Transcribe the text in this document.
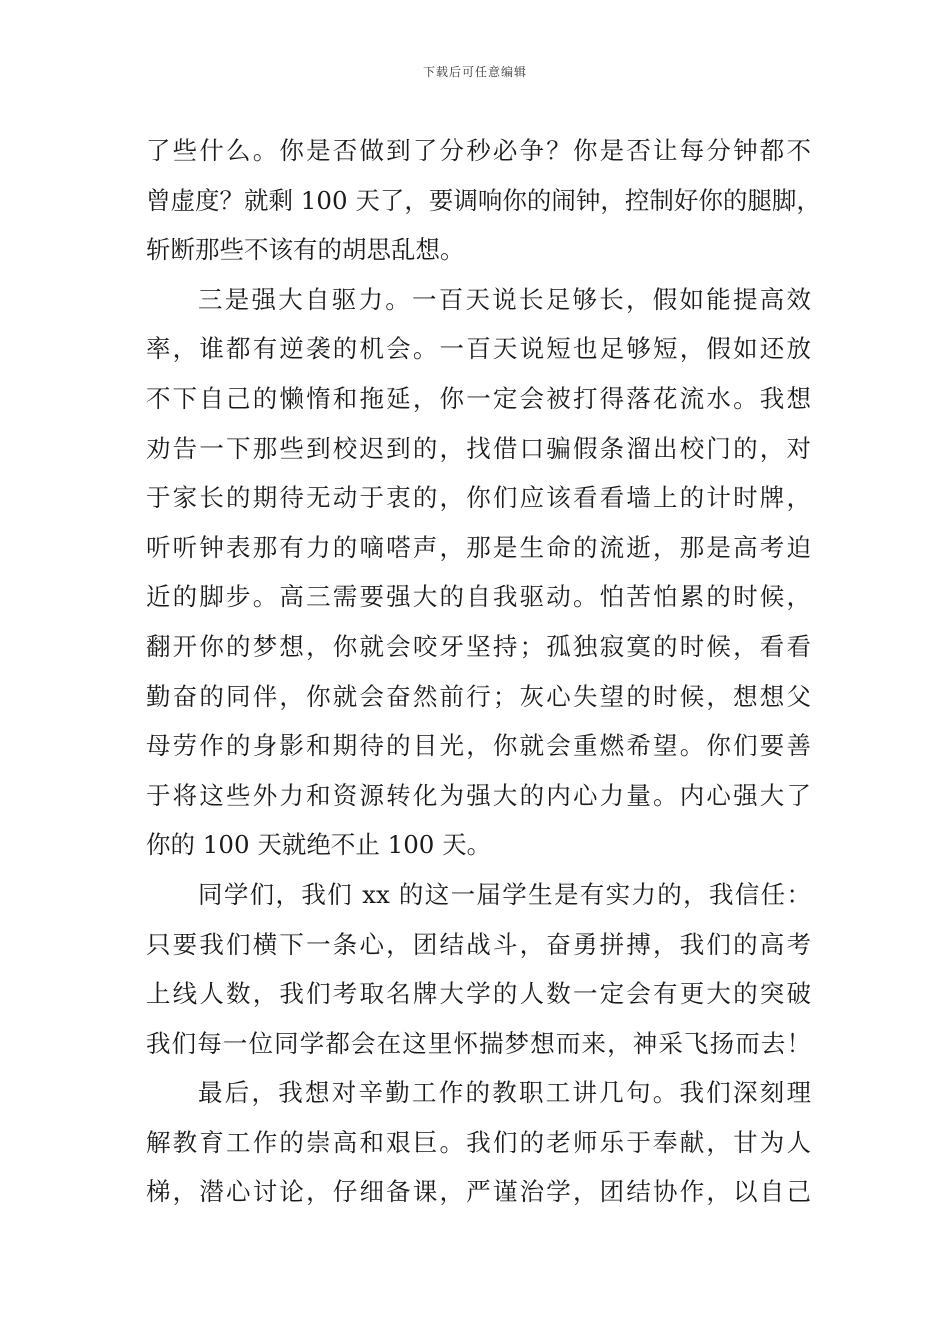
下载后可任意编辑
了些什么。你是否做到了分秒必争？你是否让每分钟都不
曾虚度？就剩 100 天了，要调响你的闹钟，控制好你的腿脚，
斩断那些不该有的胡思乱想。
三是强大自驱力。一百天说长足够长，假如能提高效
率，谁都有逆袭的机会。一百天说短也足够短，假如还放
不下自己的懒惰和拖延，你一定会被打得落花流水。我想
劝告一下那些到校迟到的，找借口骗假条溜出校门的，对
于家长的期待无动于衷的，你们应该看看墙上的计时牌，
听听钟表那有力的嘀嗒声，那是生命的流逝，那是高考迫
近的脚步。高三需要强大的自我驱动。怕苦怕累的时候，
翻开你的梦想，你就会咬牙坚持；孤独寂寞的时候，看看
勤奋的同伴，你就会奋然前行；灰心失望的时候，想想父
母劳作的身影和期待的目光，你就会重燃希望。你们要善
于将这些外力和资源转化为强大的内心力量。内心强大了
你的 100 天就绝不止 100 天。
同学们，我们 xx 的这一届学生是有实力的，我信任：
只要我们横下一条心，团结战斗，奋勇拼搏，我们的高考
上线人数，我们考取名牌大学的人数一定会有更大的突破
我们每一位同学都会在这里怀揣梦想而来，神采飞扬而去！
最后，我想对辛勤工作的教职工讲几句。我们深刻理
解教育工作的崇高和艰巨。我们的老师乐于奉献，甘为人
梯，潜心讨论，仔细备课，严谨治学，团结协作，以自己
